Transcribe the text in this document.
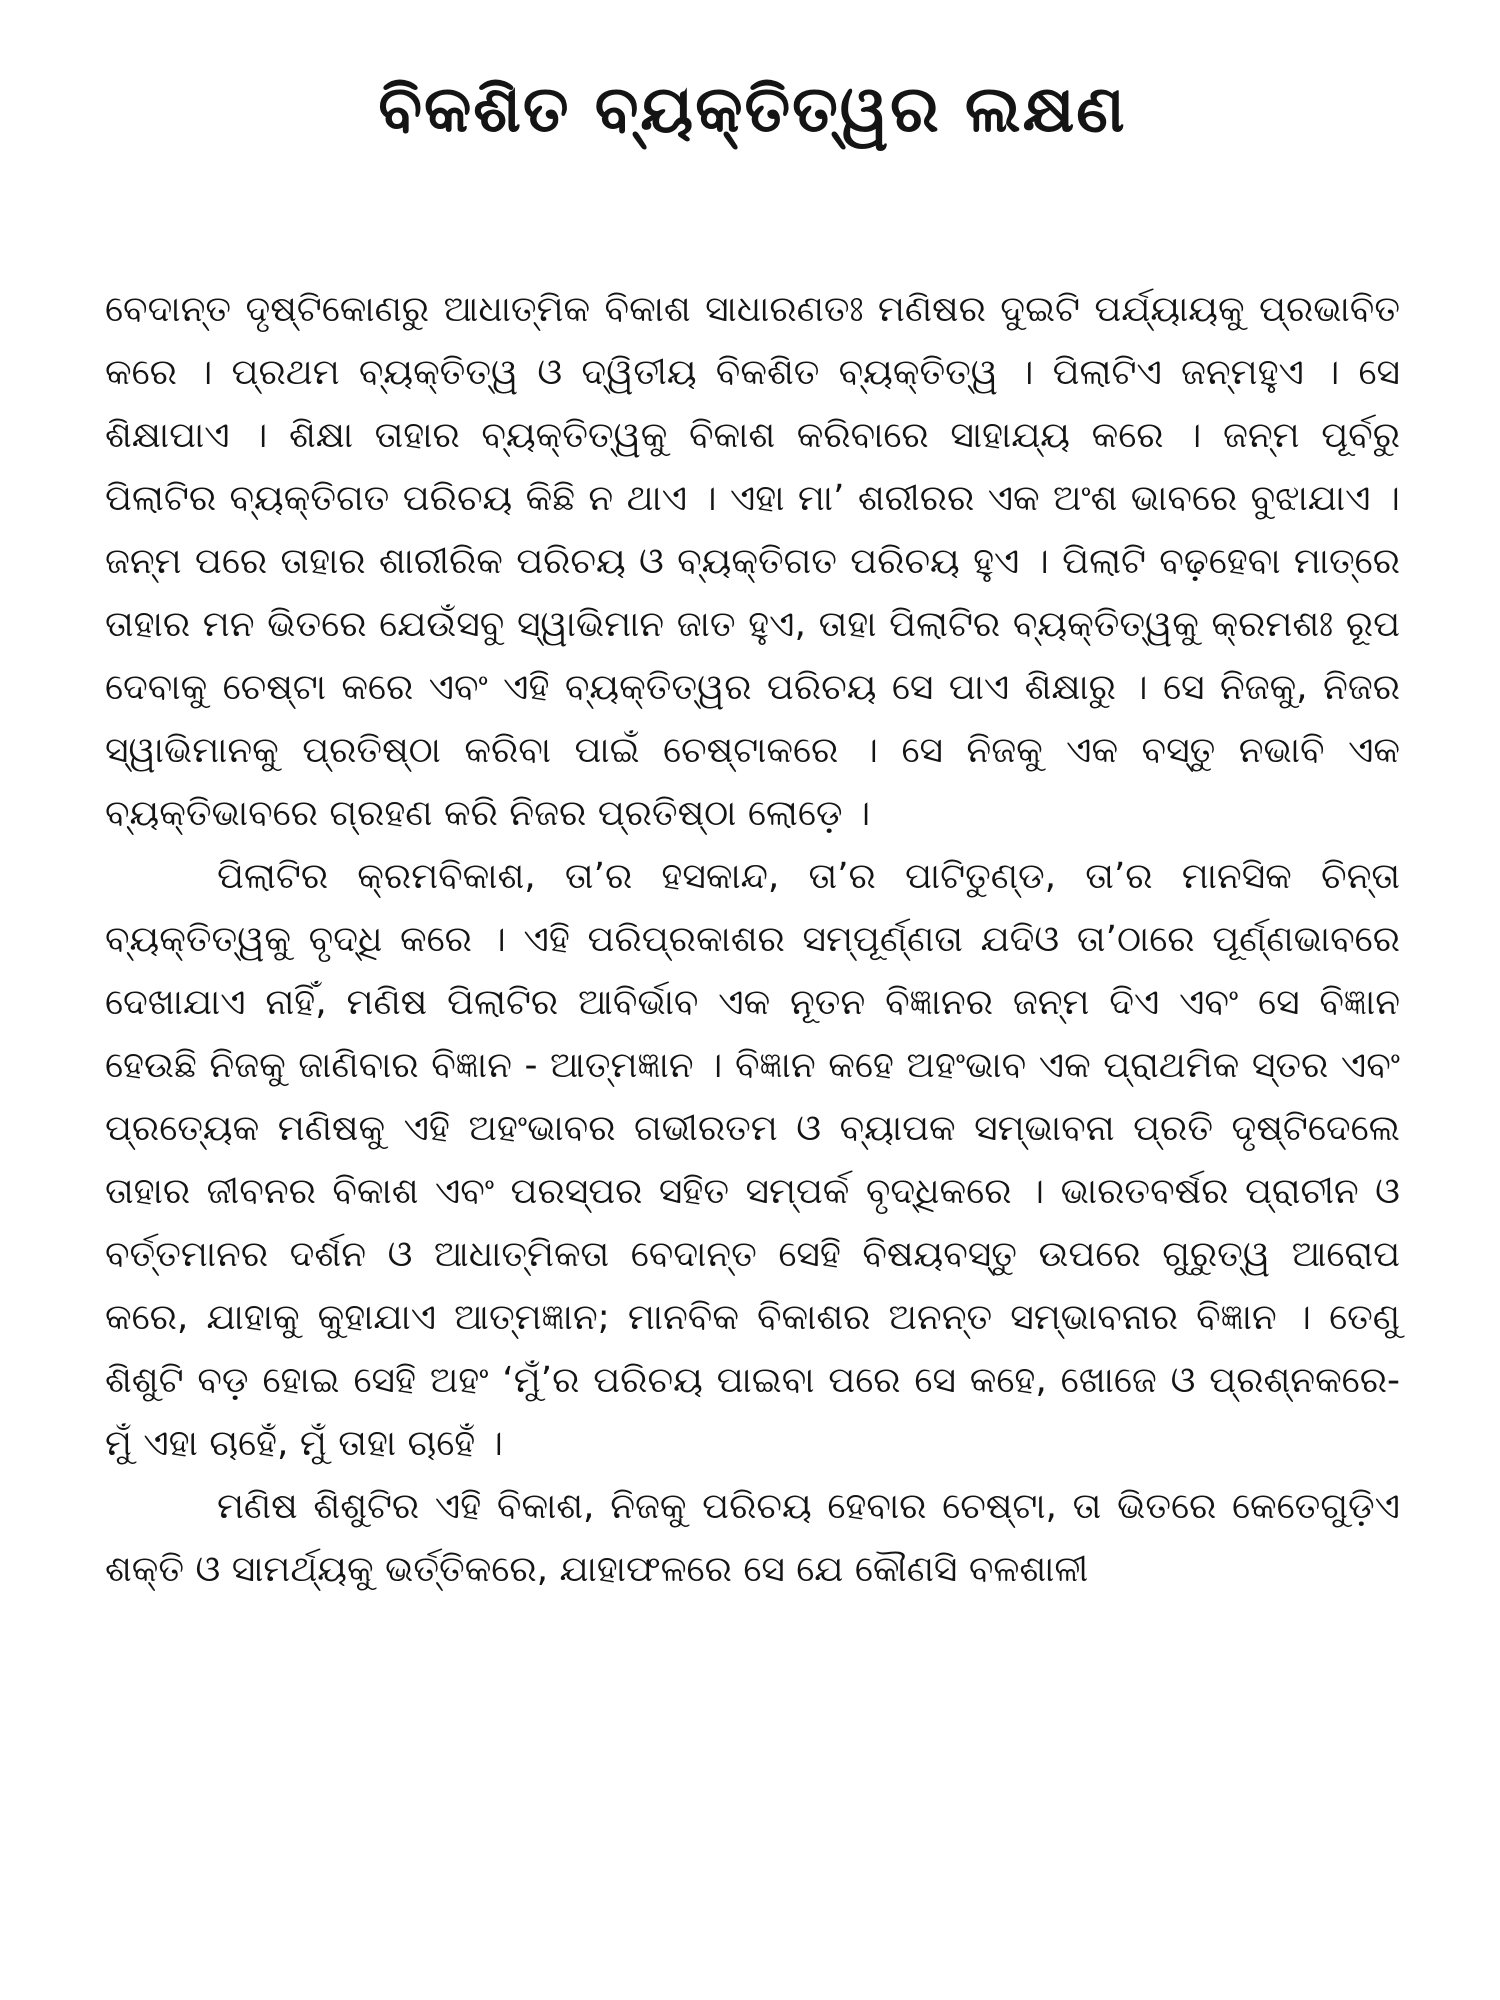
ବିକଶିତ ବ୍ୟକ୍ତିତ୍ୱର ଲକ୍ଷଣ

ବେଦାନ୍ତ ଦୃଷ୍ଟିକୋଣରୁ ଆଧାତ୍ମିକ ବିକାଶ ସାଧାରଣତଃ ମଣିଷର ଦୁଇଟି ପର୍ଯ୍ୟାୟକୁ ପ୍ରଭାବିତ କରେ । ପ୍ରଥମ ବ୍ୟକ୍ତିତ୍ୱ ଓ ଦ୍ୱିତୀୟ ବିକଶିତ ବ୍ୟକ୍ତିତ୍ୱ । ପିଲାଟିଏ ଜନ୍ମହୁଏ । ସେ ଶିକ୍ଷାପାଏ । ଶିକ୍ଷା ତାହାର ବ୍ୟକ୍ତିତ୍ୱକୁ ବିକାଶ କରିବାରେ ସାହାଯ୍ୟ କରେ । ଜନ୍ମ ପୂର୍ବରୁ ପିଲାଟିର ବ୍ୟକ୍ତିଗତ ପରିଚୟ କିଛି ନ ଥାଏ । ଏହା ମା’ ଶରୀରର ଏକ ଅଂଶ ଭାବରେ ବୁଝାଯାଏ । ଜନ୍ମ ପରେ ତାହାର ଶାରୀରିକ ପରିଚୟ ଓ ବ୍ୟକ୍ତିଗତ ପରିଚୟ ହୁଏ । ପିଲାଟି ବଢ଼ହେବା ମାତ୍ରେ ତାହାର ମନ ଭିତରେ ଯେଉଁସବୁ ସ୍ୱାଭିମାନ ଜାତ ହୁଏ, ତାହା ପିଲାଟିର ବ୍ୟକ୍ତିତ୍ୱକୁ କ୍ରମଶଃ ରୂପ ଦେବାକୁ ଚେଷ୍ଟା କରେ ଏବଂ ଏହି ବ୍ୟକ୍ତିତ୍ୱର ପରିଚୟ ସେ ପାଏ ଶିକ୍ଷାରୁ । ସେ ନିଜକୁ, ନିଜର ସ୍ୱାଭିମାନକୁ ପ୍ରତିଷ୍ଠା କରିବା ପାଇଁ ଚେଷ୍ଟାକରେ । ସେ ନିଜକୁ ଏକ ବସ୍ତୁ ନଭାବି ଏକ ବ୍ୟକ୍ତିଭାବରେ ଗ୍ରହଣ କରି ନିଜର ପ୍ରତିଷ୍ଠା ଲୋଡ଼େ ।

ପିଲାଟିର କ୍ରମବିକାଶ, ତା’ର ହସକାନ୍ଦ, ତା’ର ପାଟିତୁଣ୍ଡ, ତା’ର ମାନସିକ ଚିନ୍ତା ବ୍ୟକ୍ତିତ୍ୱକୁ ବୃଦ୍ଧି କରେ । ଏହି ପରିପ୍ରକାଶର ସମ୍ପୂର୍ଣ୍ଣତା ଯଦିଓ ତା’ଠାରେ ପୂର୍ଣ୍ଣଭାବରେ ଦେଖାଯାଏ ନାହିଁ, ମଣିଷ ପିଲାଟିର ଆବିର୍ଭାବ ଏକ ନୂତନ ବିଜ୍ଞାନର ଜନ୍ମ ଦିଏ ଏବଂ ସେ ବିଜ୍ଞାନ ହେଉଛି ନିଜକୁ ଜାଣିବାର ବିଜ୍ଞାନ - ଆତ୍ମଜ୍ଞାନ । ବିଜ୍ଞାନ କହେ ଅହଂଭାବ ଏକ ପ୍ରାଥମିକ ସ୍ତର ଏବଂ ପ୍ରତ୍ୟେକ ମଣିଷକୁ ଏହି ଅହଂଭାବର ଗଭୀରତମ ଓ ବ୍ୟାପକ ସମ୍ଭାବନା ପ୍ରତି ଦୃଷ୍ଟିଦେଲେ ତାହାର ଜୀବନର ବିକାଶ ଏବଂ ପରସ୍ପର ସହିତ ସମ୍ପର୍କ ବୃଦ୍ଧିକରେ । ଭାରତବର୍ଷର ପ୍ରାଚୀନ ଓ ବର୍ତ୍ତମାନର ଦର୍ଶନ ଓ ଆଧାତ୍ମିକତା ବେଦାନ୍ତ ସେହି ବିଷୟବସ୍ତୁ ଉପରେ ଗୁରୁତ୍ୱ ଆରୋପ କରେ, ଯାହାକୁ କୁହାଯାଏ ଆତ୍ମଜ୍ଞାନ; ମାନବିକ ବିକାଶର ଅନନ୍ତ ସମ୍ଭାବନାର ବିଜ୍ଞାନ । ତେଣୁ ଶିଶୁଟି ବଡ଼ ହୋଇ ସେହି ଅହଂ ‘ମୁଁ’ର ପରିଚୟ ପାଇବା ପରେ ସେ କହେ, ଖୋଜେ ଓ ପ୍ରଶ୍ନକରେ- ମୁଁ ଏହା ଚାହେଁ, ମୁଁ ତାହା ଚାହେଁ ।

ମଣିଷ ଶିଶୁଟିର ଏହି ବିକାଶ, ନିଜକୁ ପରିଚୟ ହେବାର ଚେଷ୍ଟା, ତା ଭିତରେ କେତେଗୁଡ଼ିଏ ଶକ୍ତି ଓ ସାମର୍ଥ୍ୟକୁ ଭର୍ତ୍ତିକରେ, ଯାହାଫଳରେ ସେ ଯେ କୌଣସି ବଳଶାଳୀ
